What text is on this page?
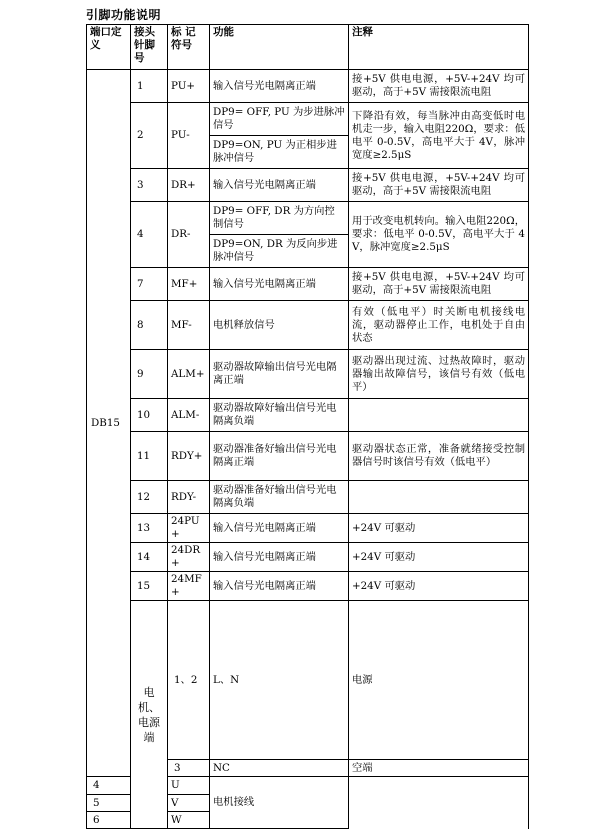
引脚功能说明
端口定义	接头针脚号	标 记符号	功能	注释	
DB15	1	PU+	输入信号光电隔离正端	接+5V 供电电源，+5V-+24V 均可驱动，高于+5V 需接限流电阻	
	2	PU-	DP9= OFF, PU 为步进脉冲信号	下降沿有效，每当脉冲由高变低时电机走一步，输入电阻220Ω，要求：低电平 0-0.5V，高电平大于 4V，脉冲宽度≥2.5μS	
			DP9=ON, PU 为正相步进脉冲信号		
	3	DR+	输入信号光电隔离正端	接+5V 供电电源，+5V-+24V 均可驱动，高于+5V 需接限流电阻	
	4	DR-	DP9= OFF, DR 为方向控制信号	用于改变电机转向。输入电阻220Ω，要求：低电平 0-0.5V，高电平大于 4V，脉冲宽度≥2.5μS	
			DP9=ON, DR 为反向步进脉冲信号		
	7	MF+	输入信号光电隔离正端	接+5V 供电电源，+5V-+24V 均可驱动，高于+5V 需接限流电阻	
	8	MF-	电机释放信号	有效（低电平）时关断电机接线电流，驱动器停止工作，电机处于自由状态	
	9	ALM+	驱动器故障输出信号光电隔离正端	驱动器出现过流、过热故障时，驱动器输出故障信号，该信号有效（低电平）	
	10	ALM-	驱动器故障好输出信号光电隔离负端		
	11	RDY+	驱动器准备好输出信号光电隔离正端	驱动器状态正常，准备就绪接受控制器信号时该信号有效（低电平）	
	12	RDY-	驱动器准备好输出信号光电隔离负端		
	13	24PU+	输入信号光电隔离正端	+24V 可驱动	
	14	24DR+	输入信号光电隔离正端	+24V 可驱动	
	15	24MF+	输入信号光电隔离正端	+24V 可驱动	
	电机、电源端	1、2	L、N	电源	
		3	NC	空端	

4		U	电机接线		
5		V			
6		W			
